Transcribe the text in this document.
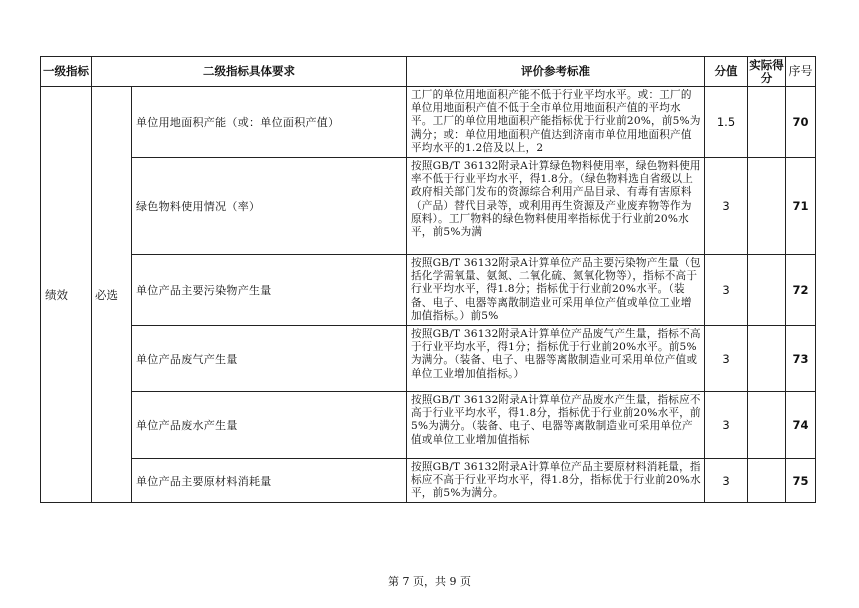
一级指标	二级指标具体要求		评价参考标准	分值	实际得分	序号
绩效	必选	单位用地面积产能（或：单位面积产值）	工厂的单位用地面积产能不低于行业平均水平。或：工厂的单位用地面积产值不低于全市单位用地面积产值的平均水平。工厂的单位用地面积产能指标优于行业前20%，前5%为满分；或：单位用地面积产值达到济南市单位用地面积产值平均水平的1.2倍及以上，2	1.5		70
		绿色物料使用情况（率）	按照GB/T 36132附录A计算绿色物料使用率，绿色物料使用率不低于行业平均水平，得1.8分。（绿色物料选自省级以上政府相关部门发布的资源综合利用产品目录、有毒有害原料（产品）替代目录等，或利用再生资源及产业废弃物等作为原料）。工厂物料的绿色物料使用率指标优于行业前20%水平，前5%为满	3		71
		单位产品主要污染物产生量	按照GB/T 36132附录A计算单位产品主要污染物产生量（包括化学需氧量、氨氮、二氧化硫、氮氧化物等），指标不高于行业平均水平，得1.8分；指标优于行业前20%水平。（装备、电子、电器等离散制造业可采用单位产值或单位工业增加值指标。）前5%	3		72
		单位产品废气产生量	按照GB/T 36132附录A计算单位产品废气产生量，指标不高于行业平均水平，得1分；指标优于行业前20%水平。前5%为满分。（装备、电子、电器等离散制造业可采用单位产值或单位工业增加值指标。）	3		73
		单位产品废水产生量	按照GB/T 36132附录A计算单位产品废水产生量，指标应不高于行业平均水平，得1.8分，指标优于行业前20%水平，前5%为满分。（装备、电子、电器等离散制造业可采用单位产值或单位工业增加值指标	3		74
		单位产品主要原材料消耗量	按照GB/T 36132附录A计算单位产品主要原材料消耗量，指标应不高于行业平均水平，得1.8分，指标优于行业前20%水平，前5%为满分。	3		75
第 7 页，共 9 页
